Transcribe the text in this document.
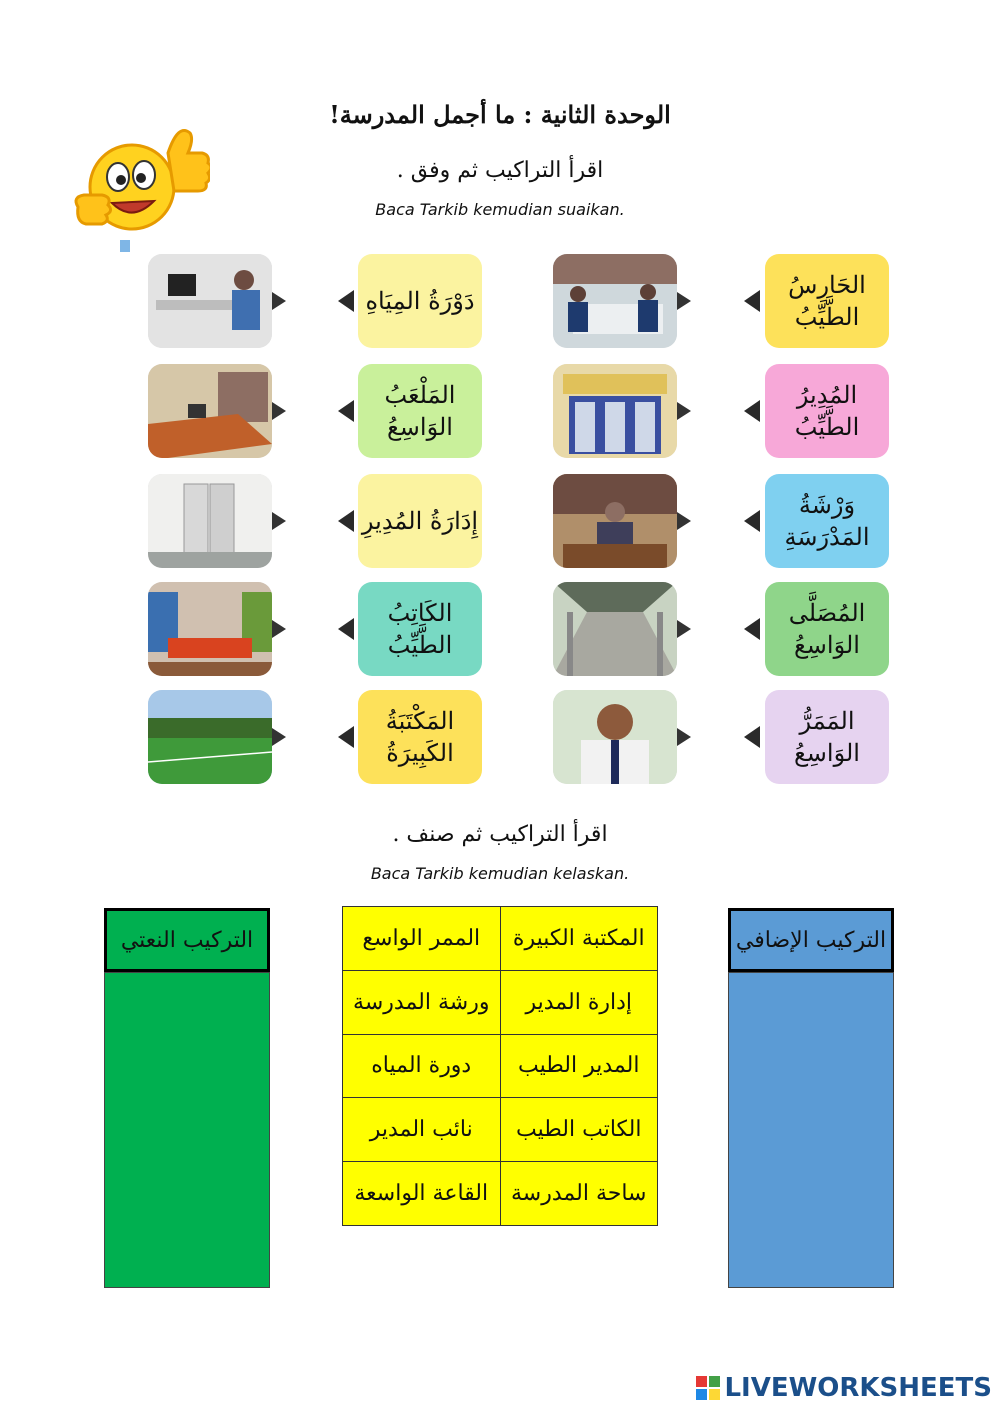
الوحدة الثانية : ما أجمل المدرسة!
اقرأ التراكيب ثم وفق .
Baca Tarkib kemudian suaikan.
الحَارِسُ
الطَّيِّبُ
المُدِيرُ
الطَّيِّبُ
وَرْشَةُ
المَدْرَسَةِ
المُصَلَّى
الوَاسِعُ
المَمَرُّ
الوَاسِعُ
دَوْرَةُ المِيَاهِ
المَلْعَبُ
الوَاسِعُ
إِدَارَةُ المُدِيرِ
الكَاتِبُ
الطَّيِّبُ
المَكْتَبَةُ
الكَبِيرَةُ
اقرأ التراكيب ثم صنف .
Baca Tarkib kemudian kelaskan.
المكتبة الكبيرة	الممر الواسع
إدارة المدير	ورشة المدرسة
المدير الطيب	دورة المياه
الكاتب الطيب	نائب المدير
ساحة المدرسة	القاعة الواسعة
التركيب الإضافي
التركيب النعتي
LIVEWORKSHEETS
